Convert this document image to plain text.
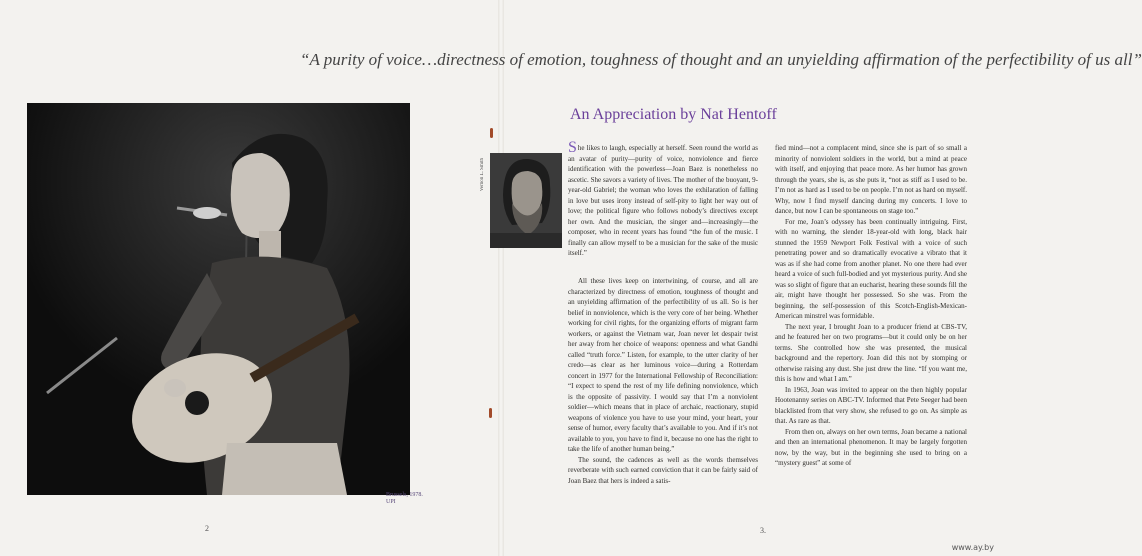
“A purity of voice…directness of emotion, toughness of thought and an unyielding affirmation of the perfectibility of us all”
Brussels, 1978.
UPI
2	3.
An Appreciation by Nat Hentoff
Vernon L. Smith

She likes to laugh, especially at herself. Seen round the world as an avatar of purity—purity of voice, nonviolence and fierce identification with the powerless—Joan Baez is nonetheless no ascetic. She savors a variety of lives. The mother of the buoyant, 9-year-old Gabriel; the woman who loves the exhilaration of falling in love but uses irony instead of self-pity to light her way out of love; the political figure who follows nobody’s directives except her own. And the musician, the singer and—increasingly—the composer, who in recent years has found “the fun of the music. I finally can allow myself to be a musician for the sake of the music itself.”

All these lives keep on intertwining, of course, and all are characterized by directness of emotion, toughness of thought and an unyielding affirmation of the perfectibility of us all. So is her belief in nonviolence, which is the very core of her being. Whether working for civil rights, for the organizing efforts of migrant farm workers, or against the Vietnam war, Joan never let despair twist her away from her choice of weapons: openness and what Gandhi called “truth force.” Listen, for example, to the utter clarity of her credo—as clear as her luminous voice—during a Rotterdam concert in 1977 for the International Fellowship of Reconciliation: “I expect to spend the rest of my life defining nonviolence, which is the opposite of passivity. I would say that I’m a nonviolent soldier—which means that in place of archaic, reactionary, stupid weapons of violence you have to use your mind, your heart, your sense of humor, every faculty that’s available to you. And if it’s not available to you, you have to find it, because no one has the right to take the life of another human being.”

The sound, the cadences as well as the words themselves reverberate with such earned conviction that it can be fairly said of Joan Baez that hers is indeed a satis-

fied mind—not a complacent mind, since she is part of so small a minority of nonviolent soldiers in the world, but a mind at peace with itself, and enjoying that peace more. As her humor has grown through the years, she is, as she puts it, “not as stiff as I used to be. I’m not as hard as I used to be on people. I’m not as hard on myself. Why, now I find myself dancing during my concerts. I love to dance, but now I can be spontaneous on stage too.”

For me, Joan’s odyssey has been continually intriguing. First, with no warning, the slender 18-year-old with long, black hair stunned the 1959 Newport Folk Festival with a voice of such penetrating power and so dramatically evocative a vibrato that it was as if she had come from another planet. No one there had ever heard a voice of such full-bodied and yet mysterious purity. And she was so slight of figure that an eucharist, hearing these sounds fill the air, might have thought her possessed. So she was. From the beginning, the self-possession of this Scotch-English-Mexican-American minstrel was formidable.

The next year, I brought Joan to a producer friend at CBS-TV, and he featured her on two programs—but it could only be on her terms. She controlled how she was presented, the musical background and the repertory. Joan did this not by stomping or otherwise raising any dust. She just drew the line. “If you want me, this is how and what I am.”

In 1963, Joan was invited to appear on the then highly popular Hootenanny series on ABC-TV. Informed that Pete Seeger had been blacklisted from that very show, she refused to go on. As simple as that. As rare as that.

From then on, always on her own terms, Joan became a national and then an international phenomenon. It may be largely forgotten now, by the way, but in the beginning she used to bring on a “mystery guest” at some of

www.ay.by
